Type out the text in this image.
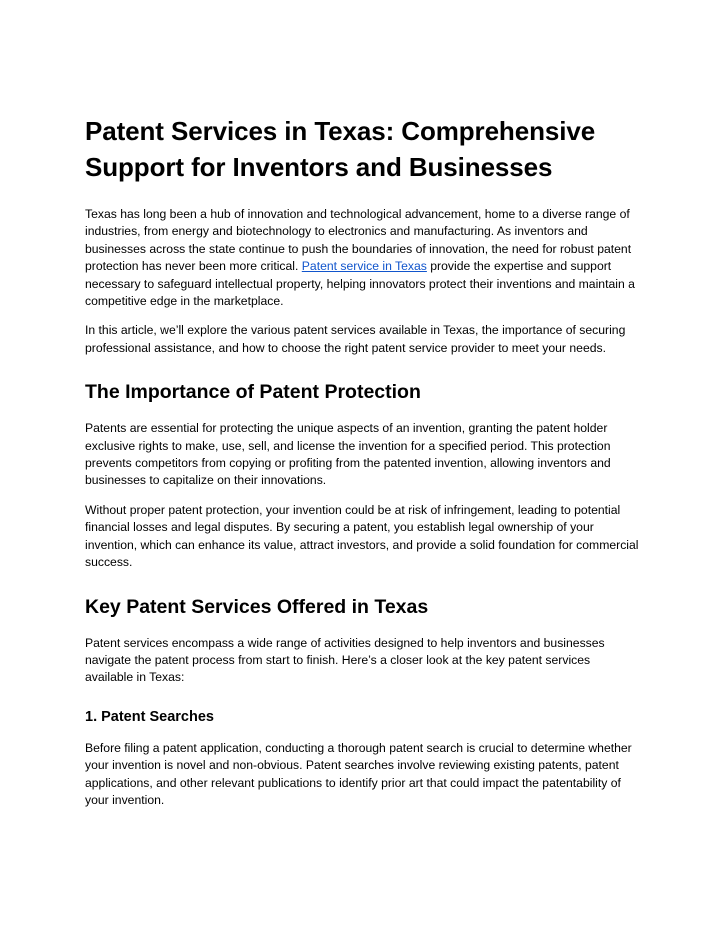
Patent Services in Texas: Comprehensive Support for Inventors and Businesses

Texas has long been a hub of innovation and technological advancement, home to a diverse range of industries, from energy and biotechnology to electronics and manufacturing. As inventors and businesses across the state continue to push the boundaries of innovation, the need for robust patent protection has never been more critical. Patent service in Texas provide the expertise and support necessary to safeguard intellectual property, helping innovators protect their inventions and maintain a competitive edge in the marketplace.

In this article, we’ll explore the various patent services available in Texas, the importance of securing professional assistance, and how to choose the right patent service provider to meet your needs.

The Importance of Patent Protection

Patents are essential for protecting the unique aspects of an invention, granting the patent holder exclusive rights to make, use, sell, and license the invention for a specified period. This protection prevents competitors from copying or profiting from the patented invention, allowing inventors and businesses to capitalize on their innovations.

Without proper patent protection, your invention could be at risk of infringement, leading to potential financial losses and legal disputes. By securing a patent, you establish legal ownership of your invention, which can enhance its value, attract investors, and provide a solid foundation for commercial success.

Key Patent Services Offered in Texas

Patent services encompass a wide range of activities designed to help inventors and businesses navigate the patent process from start to finish. Here’s a closer look at the key patent services available in Texas:

1. Patent Searches

Before filing a patent application, conducting a thorough patent search is crucial to determine whether your invention is novel and non-obvious. Patent searches involve reviewing existing patents, patent applications, and other relevant publications to identify prior art that could impact the patentability of your invention.
